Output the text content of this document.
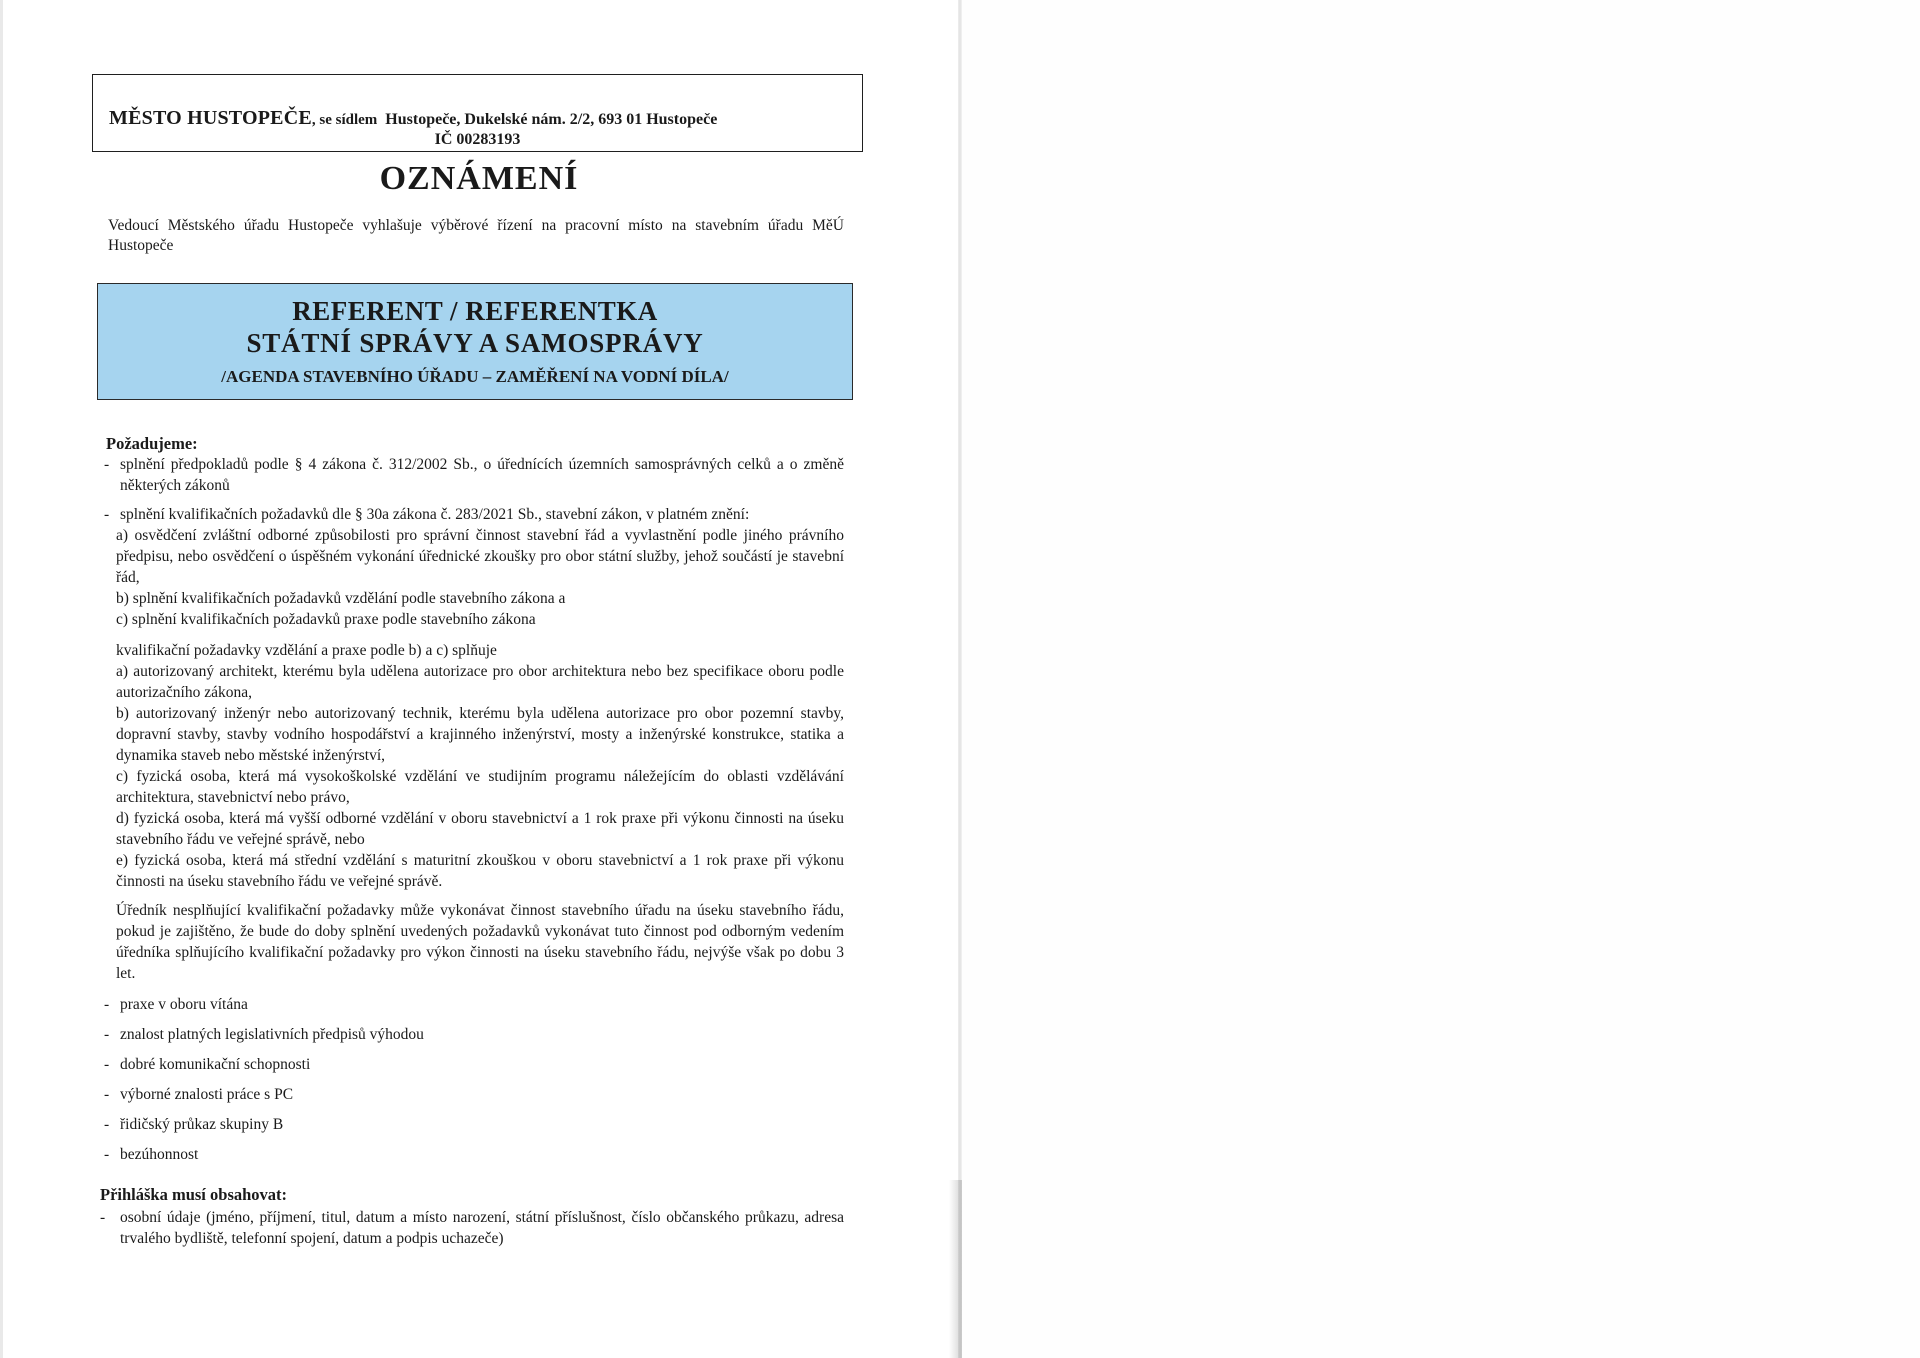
MĚSTO HUSTOPEČE, se sídlem Hustopeče, Dukelské nám. 2/2, 693 01 Hustopeče
IČ 00283193
OZNÁMENÍ
Vedoucí Městského úřadu Hustopeče vyhlašuje výběrové řízení na pracovní místo na stavebním úřadu MěÚ Hustopeče
REFERENT / REFERENTKA
STÁTNÍ SPRÁVY A SAMOSPRÁVY
/AGENDA STAVEBNÍHO ÚŘADU – ZAMĚŘENÍ NA VODNÍ DÍLA/
Požadujeme:

- splnění předpokladů podle § 4 zákona č. 312/2002 Sb., o úřednících územních samosprávných celků a o změně některých zákonů

- splnění kvalifikačních požadavků dle § 30a zákona č. 283/2021 Sb., stavební zákon, v platném znění:

a) osvědčení zvláštní odborné způsobilosti pro správní činnost stavební řád a vyvlastnění podle jiného právního předpisu, nebo osvědčení o úspěšném vykonání úřednické zkoušky pro obor státní služby, jehož součástí je stavební řád,

b) splnění kvalifikačních požadavků vzdělání podle stavebního zákona a

c) splnění kvalifikačních požadavků praxe podle stavebního zákona

kvalifikační požadavky vzdělání a praxe podle b) a c) splňuje

a) autorizovaný architekt, kterému byla udělena autorizace pro obor architektura nebo bez specifikace oboru podle autorizačního zákona,

b) autorizovaný inženýr nebo autorizovaný technik, kterému byla udělena autorizace pro obor pozemní stavby, dopravní stavby, stavby vodního hospodářství a krajinného inženýrství, mosty a inženýrské konstrukce, statika a dynamika staveb nebo městské inženýrství,

c) fyzická osoba, která má vysokoškolské vzdělání ve studijním programu náležejícím do oblasti vzdělávání architektura, stavebnictví nebo právo,

d) fyzická osoba, která má vyšší odborné vzdělání v oboru stavebnictví a 1 rok praxe při výkonu činnosti na úseku stavebního řádu ve veřejné správě, nebo

e) fyzická osoba, která má střední vzdělání s maturitní zkouškou v oboru stavebnictví a 1 rok praxe při výkonu činnosti na úseku stavebního řádu ve veřejné správě.

Úředník nesplňující kvalifikační požadavky může vykonávat činnost stavebního úřadu na úseku stavebního řádu, pokud je zajištěno, že bude do doby splnění uvedených požadavků vykonávat tuto činnost pod odborným vedením úředníka splňujícího kvalifikační požadavky pro výkon činnosti na úseku stavebního řádu, nejvýše však po dobu 3 let.

- praxe v oboru vítána
- znalost platných legislativních předpisů výhodou
- dobré komunikační schopnosti
- výborné znalosti práce s PC
- řidičský průkaz skupiny B
- bezúhonnost
Přihláška musí obsahovat:

- osobní údaje (jméno, příjmení, titul, datum a místo narození, státní příslušnost, číslo občanského průkazu, adresa trvalého bydliště, telefonní spojení, datum a podpis uchazeče)
